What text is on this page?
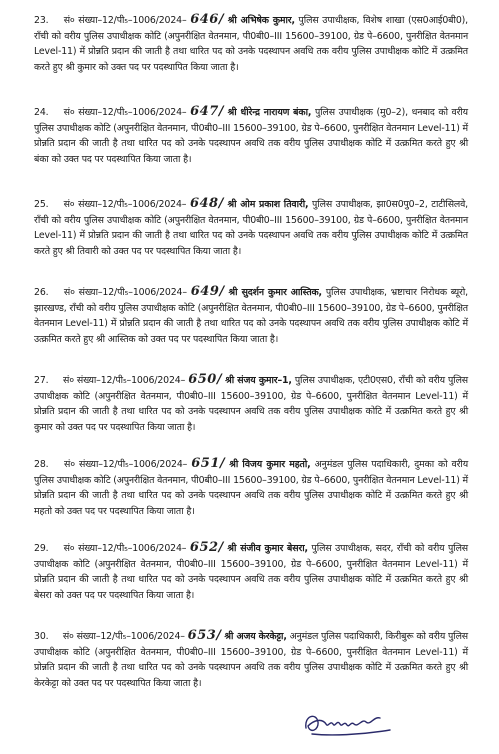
23. सं० संख्या–12/पी₅–1006/2024– 646/ श्री अभिषेक कुमार, पुलिस उपाधीक्षक, विशेष शाखा (एस0आई0बी0), राँची को वरीय पुलिस उपाधीक्षक कोटि (अपुनरीक्षित वेतनमान, पी0बी0–III 15600–39100, ग्रेड पे–6600, पुनरीक्षित वेतनमान Level-11) में प्रोन्नति प्रदान की जाती है तथा धारित पद को उनके पदस्थापन अवधि तक वरीय पुलिस उपाधीक्षक कोटि में उत्क्रमित करते हुए श्री कुमार को उक्त पद पर पदस्थापित किया जाता है।
24. सं० संख्या–12/पी₅–1006/2024– 647/ श्री धीरेन्द्र नारायण बंका, पुलिस उपाधीक्षक (मु0–2), धनबाद को वरीय पुलिस उपाधीक्षक कोटि (अपुनरीक्षित वेतनमान, पी0बी0–III 15600–39100, ग्रेड पे–6600, पुनरीक्षित वेतनमान Level-11) में प्रोन्नति प्रदान की जाती है तथा धारित पद को उनके पदस्थापन अवधि तक वरीय पुलिस उपाधीक्षक कोटि में उत्क्रमित करते हुए श्री बंका को उक्त पद पर पदस्थापित किया जाता है।
25. सं० संख्या–12/पी₅–1006/2024– 648/ श्री ओम प्रकाश तिवारी, पुलिस उपाधीक्षक, झा0स0पु0–2, टाटीसिलवे, राँची को वरीय पुलिस उपाधीक्षक कोटि (अपुनरीक्षित वेतनमान, पी0बी0–III 15600–39100, ग्रेड पे–6600, पुनरीक्षित वेतनमान Level-11) में प्रोन्नति प्रदान की जाती है तथा धारित पद को उनके पदस्थापन अवधि तक वरीय पुलिस उपाधीक्षक कोटि में उत्क्रमित करते हुए श्री तिवारी को उक्त पद पर पदस्थापित किया जाता है।
26. सं० संख्या–12/पी₅–1006/2024– 649/ श्री सुदर्शन कुमार आस्तिक, पुलिस उपाधीक्षक, भ्रष्टाचार निरोधक ब्यूरो, झारखण्ड, राँची को वरीय पुलिस उपाधीक्षक कोटि (अपुनरीक्षित वेतनमान, पी0बी0–III 15600–39100, ग्रेड पे–6600, पुनरीक्षित वेतनमान Level-11) में प्रोन्नति प्रदान की जाती है तथा धारित पद को उनके पदस्थापन अवधि तक वरीय पुलिस उपाधीक्षक कोटि में उत्क्रमित करते हुए श्री आस्तिक को उक्त पद पर पदस्थापित किया जाता है।
27. सं० संख्या–12/पी₅–1006/2024– 650/ श्री संजय कुमार–1, पुलिस उपाधीक्षक, एटी0एस0, राँची को वरीय पुलिस उपाधीक्षक कोटि (अपुनरीक्षित वेतनमान, पी0बी0–III 15600–39100, ग्रेड पे–6600, पुनरीक्षित वेतनमान Level-11) में प्रोन्नति प्रदान की जाती है तथा धारित पद को उनके पदस्थापन अवधि तक वरीय पुलिस उपाधीक्षक कोटि में उत्क्रमित करते हुए श्री कुमार को उक्त पद पर पदस्थापित किया जाता है।
28. सं० संख्या–12/पी₅–1006/2024– 651/ श्री विजय कुमार महतो, अनुमंडल पुलिस पदाधिकारी, दुमका को वरीय पुलिस उपाधीक्षक कोटि (अपुनरीक्षित वेतनमान, पी0बी0–III 15600–39100, ग्रेड पे–6600, पुनरीक्षित वेतनमान Level-11) में प्रोन्नति प्रदान की जाती है तथा धारित पद को उनके पदस्थापन अवधि तक वरीय पुलिस उपाधीक्षक कोटि में उत्क्रमित करते हुए श्री महतो को उक्त पद पर पदस्थापित किया जाता है।
29. सं० संख्या–12/पी₅–1006/2024– 652/ श्री संजीव कुमार बेसरा, पुलिस उपाधीक्षक, सदर, राँची को वरीय पुलिस उपाधीक्षक कोटि (अपुनरीक्षित वेतनमान, पी0बी0–III 15600–39100, ग्रेड पे–6600, पुनरीक्षित वेतनमान Level-11) में प्रोन्नति प्रदान की जाती है तथा धारित पद को उनके पदस्थापन अवधि तक वरीय पुलिस उपाधीक्षक कोटि में उत्क्रमित करते हुए श्री बेसरा को उक्त पद पर पदस्थापित किया जाता है।
30. सं० संख्या–12/पी₅–1006/2024– 653/ श्री अजय केरकेट्टा, अनुमंडल पुलिस पदाधिकारी, किरीबुरू को वरीय पुलिस उपाधीक्षक कोटि (अपुनरीक्षित वेतनमान, पी0बी0–III 15600–39100, ग्रेड पे–6600, पुनरीक्षित वेतनमान Level-11) में प्रोन्नति प्रदान की जाती है तथा धारित पद को उनके पदस्थापन अवधि तक वरीय पुलिस उपाधीक्षक कोटि में उत्क्रमित करते हुए श्री केरकेट्टा को उक्त पद पर पदस्थापित किया जाता है।
